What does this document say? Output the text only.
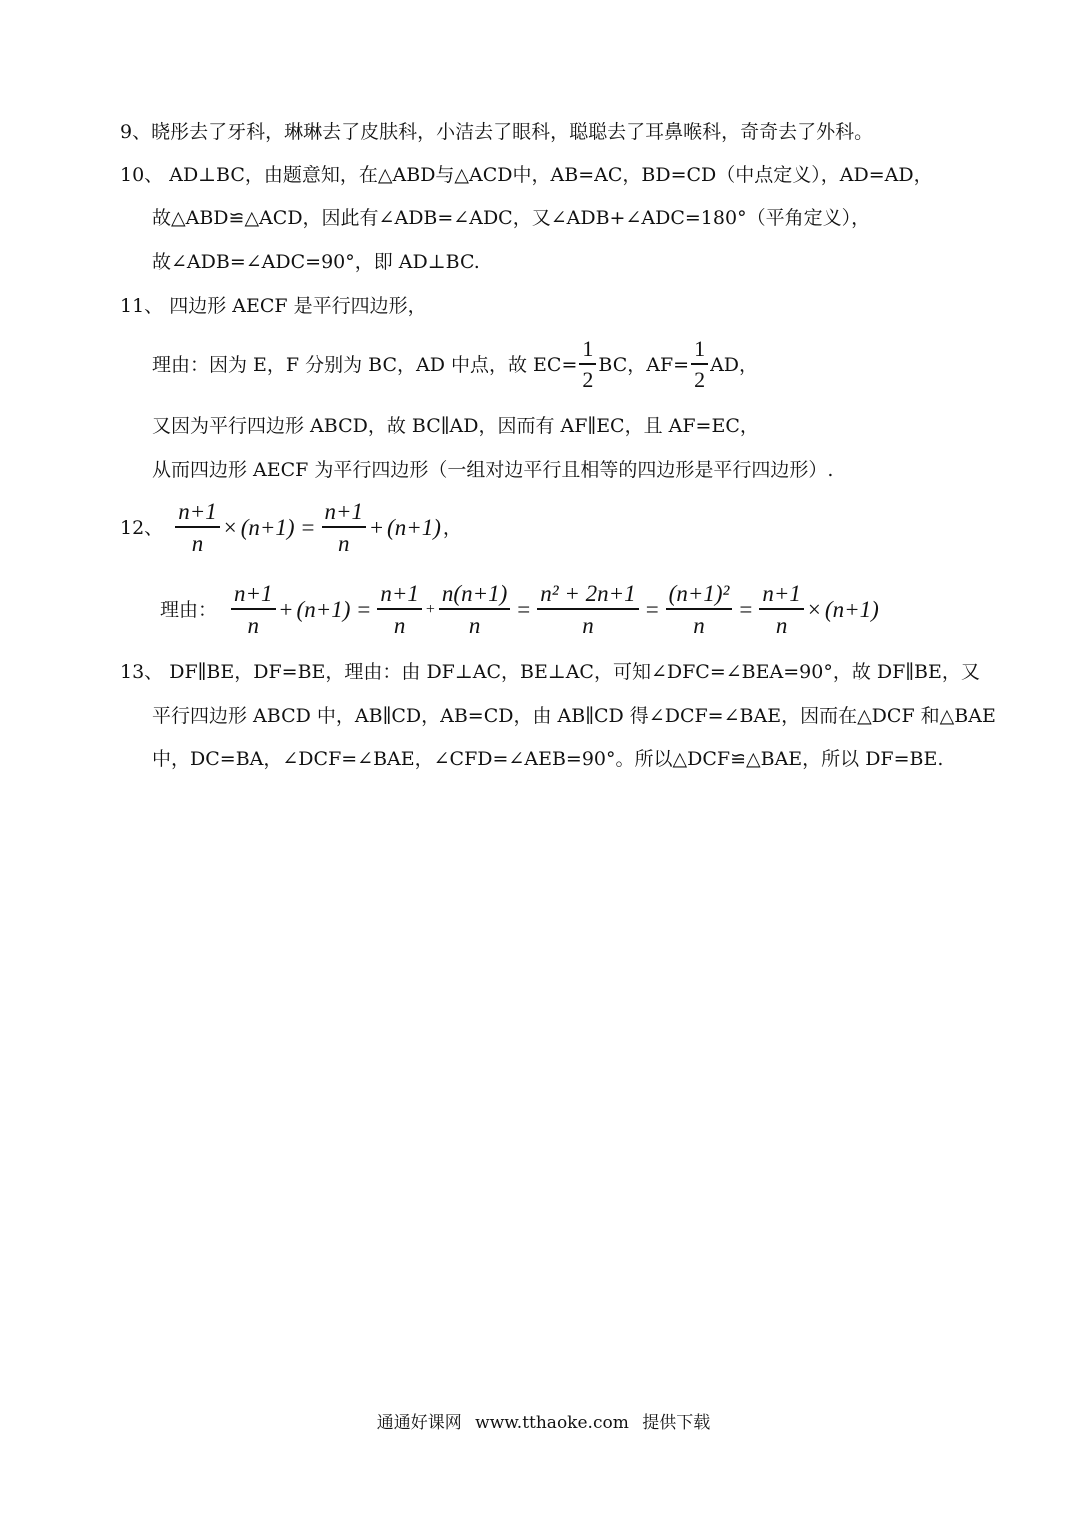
9、晓彤去了牙科，琳琳去了皮肤科，小洁去了眼科，聪聪去了耳鼻喉科，奇奇去了外科。
10、 AD⊥BC，由题意知，在△ABD与△ACD中，AB=AC，BD=CD（中点定义），AD=AD，
故△ABD≌△ACD，因此有∠ADB=∠ADC，又∠ADB+∠ADC=180°（平角定义），
故∠ADB=∠ADC=90°，即 AD⊥BC.
11、 四边形 AECF 是平行四边形，
理由：因为 E，F 分别为 BC，AD 中点，故 $EC= \frac{1}{2}$ BC，$AF= \frac{1}{2}$ AD，
又因为平行四边形 ABCD，故 BC∥AD，因而有 AF∥EC，且 AF=EC，
从而四边形 AECF 为平行四边形（一组对边平行且相等的四边形是平行四边形）.
12、 $\frac{n+1}{n} \times (n+1) = \frac{n+1}{n} + (n+1)$ ，
理由： $\frac{n+1}{n} + (n+1) = \frac{n+1}{n} + \frac{n(n+1)}{n} = \frac{\text{n² + 2n+1}}{n} = \frac{\text{(n+1)²}}{n} = \frac{n+1}{n} \times (n+1)$
13、 DF∥BE，DF=BE，理由：由 DF⊥AC，BE⊥AC，可知∠DFC=∠BEA=90°，故 DF∥BE，又
平行四边形 ABCD 中，AB∥CD，AB=CD，由 AB∥CD 得∠DCF=∠BAE，因而在△DCF 和△BAE
中，DC=BA，∠DCF=∠BAE，∠CFD=∠AEB=90°。所以△DCF≌△BAE，所以 DF=BE.
通通好课网 www.tthaoke.com 提供下载
